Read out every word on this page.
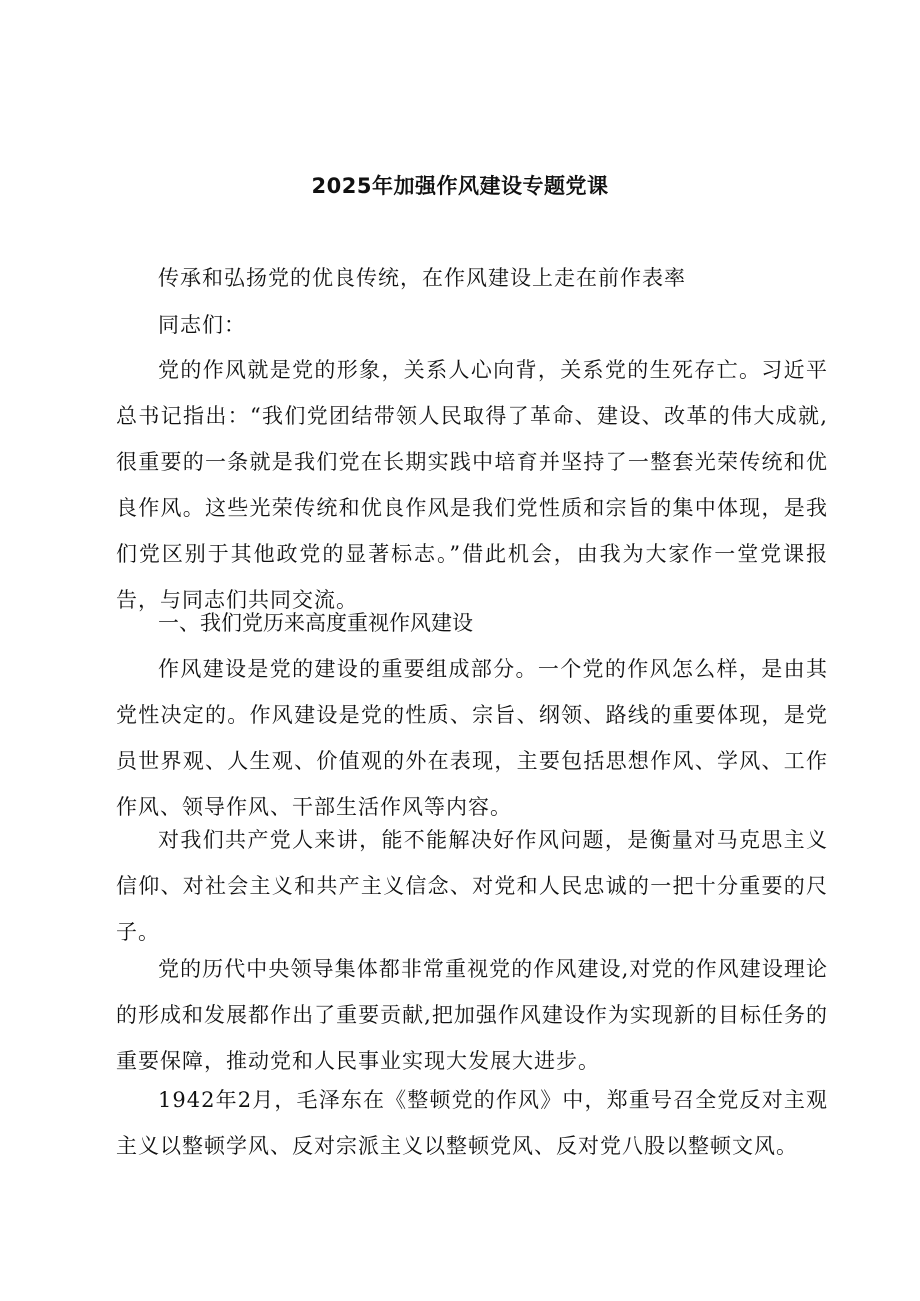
2025年加强作风建设专题党课

传承和弘扬党的优良传统，在作风建设上走在前作表率

同志们：

党的作风就是党的形象，关系人心向背，关系党的生死存亡。习近平总书记指出：“我们党团结带领人民取得了革命、建设、改革的伟大成就,很重要的一条就是我们党在长期实践中培育并坚持了一整套光荣传统和优良作风。这些光荣传统和优良作风是我们党性质和宗旨的集中体现，是我们党区别于其他政党的显著标志。”借此机会，由我为大家作一堂党课报告，与同志们共同交流。

一、我们党历来高度重视作风建设

作风建设是党的建设的重要组成部分。一个党的作风怎么样，是由其党性决定的。作风建设是党的性质、宗旨、纲领、路线的重要体现，是党员世界观、人生观、价值观的外在表现，主要包括思想作风、学风、工作作风、领导作风、干部生活作风等内容。

对我们共产党人来讲，能不能解决好作风问题，是衡量对马克思主义信仰、对社会主义和共产主义信念、对党和人民忠诚的一把十分重要的尺子。

党的历代中央领导集体都非常重视党的作风建设,对党的作风建设理论的形成和发展都作出了重要贡献,把加强作风建设作为实现新的目标任务的重要保障，推动党和人民事业实现大发展大进步。

1942年2月，毛泽东在《整顿党的作风》中，郑重号召全党反对主观主义以整顿学风、反对宗派主义以整顿党风、反对党八股以整顿文风。
